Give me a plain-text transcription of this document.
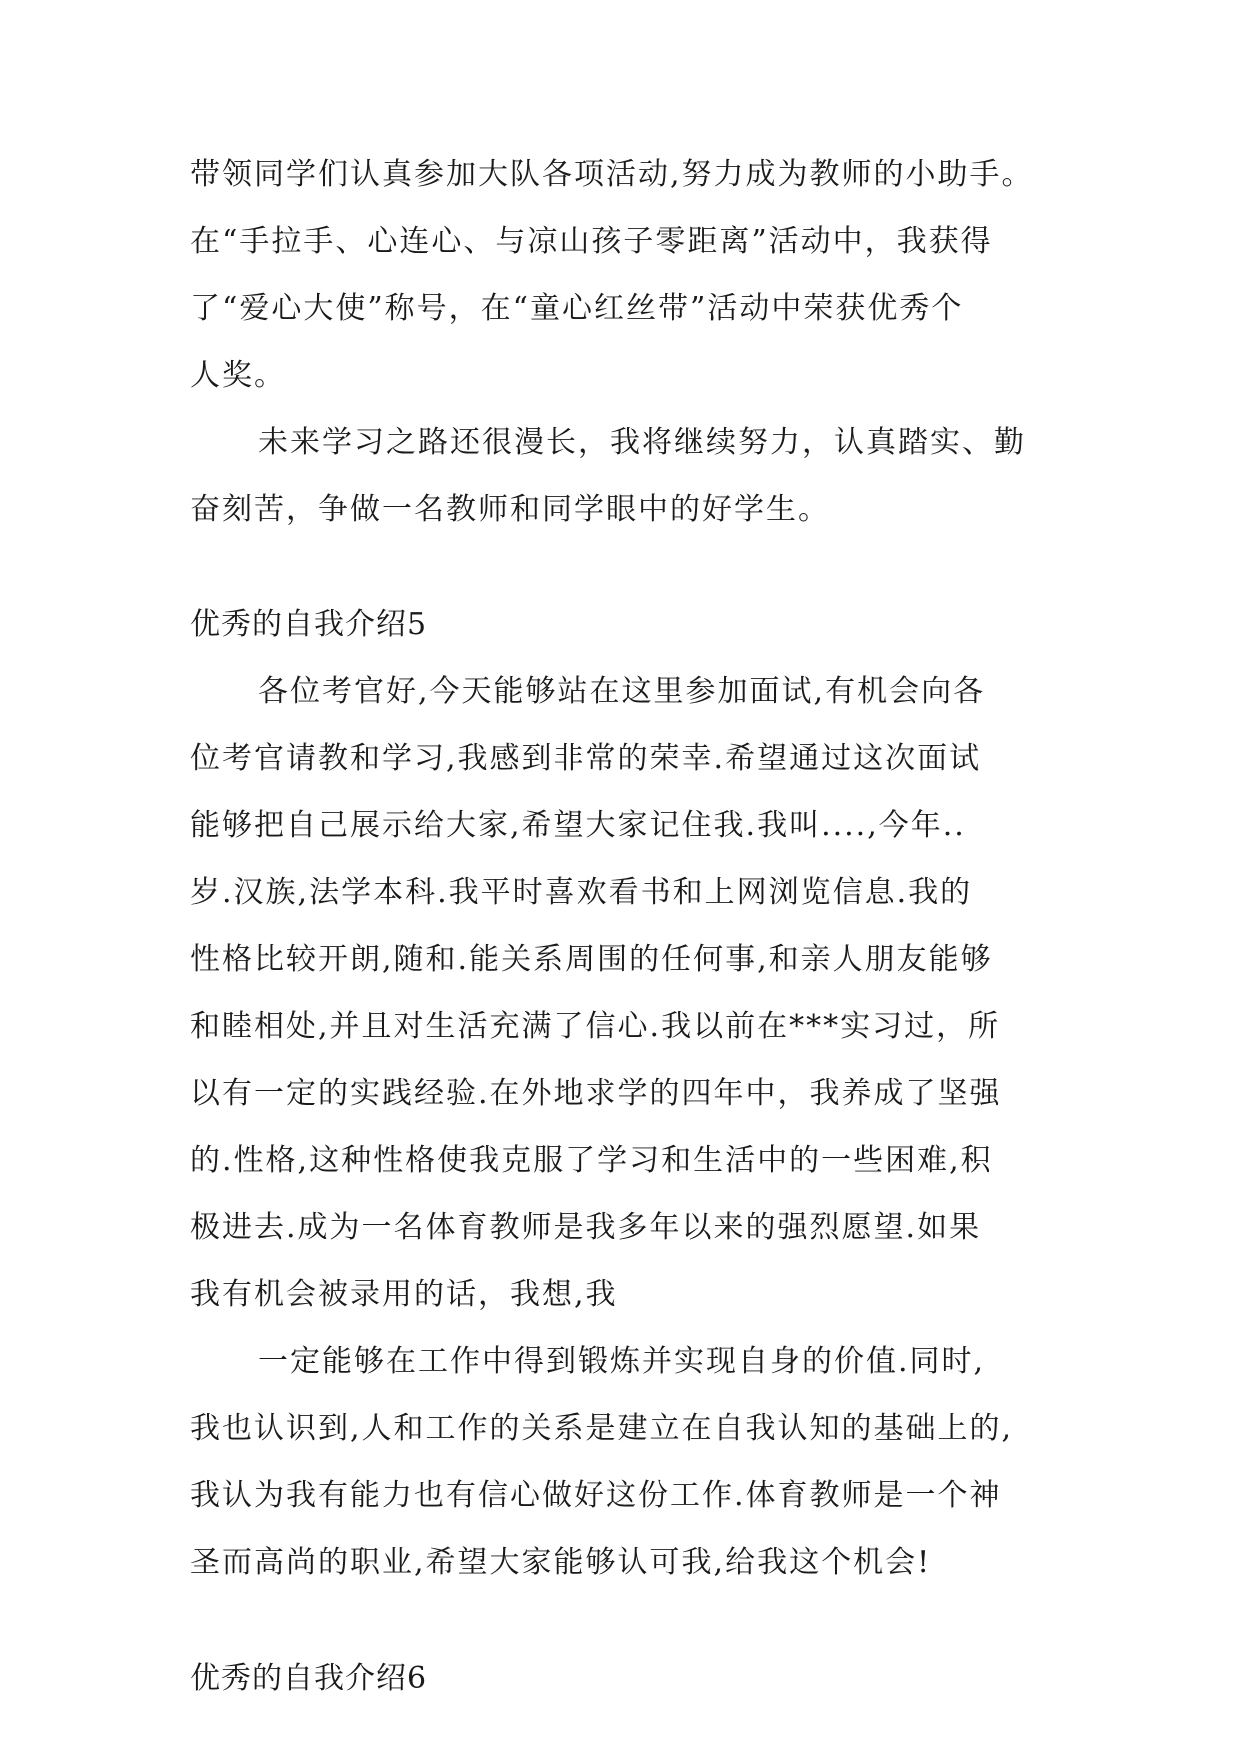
带领同学们认真参加大队各项活动,努力成为教师的小助手。
在“手拉手、心连心、与凉山孩子零距离”活动中，我获得
了“爱心大使”称号，在“童心红丝带”活动中荣获优秀个
人奖。
未来学习之路还很漫长，我将继续努力，认真踏实、勤
奋刻苦，争做一名教师和同学眼中的好学生。
优秀的自我介绍5
各位考官好,今天能够站在这里参加面试,有机会向各
位考官请教和学习,我感到非常的荣幸.希望通过这次面试
能够把自己展示给大家,希望大家记住我.我叫....,今年..
岁.汉族,法学本科.我平时喜欢看书和上网浏览信息.我的
性格比较开朗,随和.能关系周围的任何事,和亲人朋友能够
和睦相处,并且对生活充满了信心.我以前在***实习过，所
以有一定的实践经验.在外地求学的四年中，我养成了坚强
的.性格,这种性格使我克服了学习和生活中的一些困难,积
极进去.成为一名体育教师是我多年以来的强烈愿望.如果
我有机会被录用的话，我想,我
一定能够在工作中得到锻炼并实现自身的价值.同时,
我也认识到,人和工作的关系是建立在自我认知的基础上的,
我认为我有能力也有信心做好这份工作.体育教师是一个神
圣而高尚的职业,希望大家能够认可我,给我这个机会!
优秀的自我介绍6
